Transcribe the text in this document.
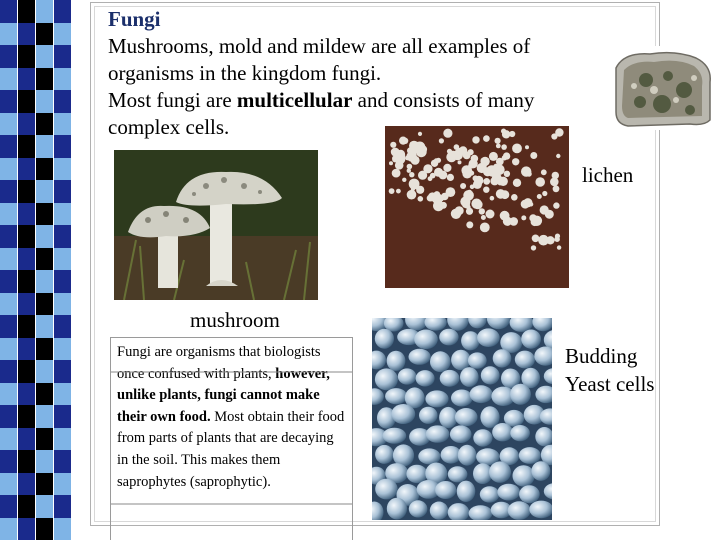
Fungi
Mushrooms, mold and mildew are all examples of organisms in the kingdom fungi.
Most fungi are multicellular and consists of many complex cells.

lichen
mushroom
Budding Yeast cells
Fungi are organisms that biologists once confused with plants, however, unlike plants, fungi cannot make their own food. Most obtain their food from parts of plants that are decaying in the soil. This makes them saprophytes (saprophytic).
